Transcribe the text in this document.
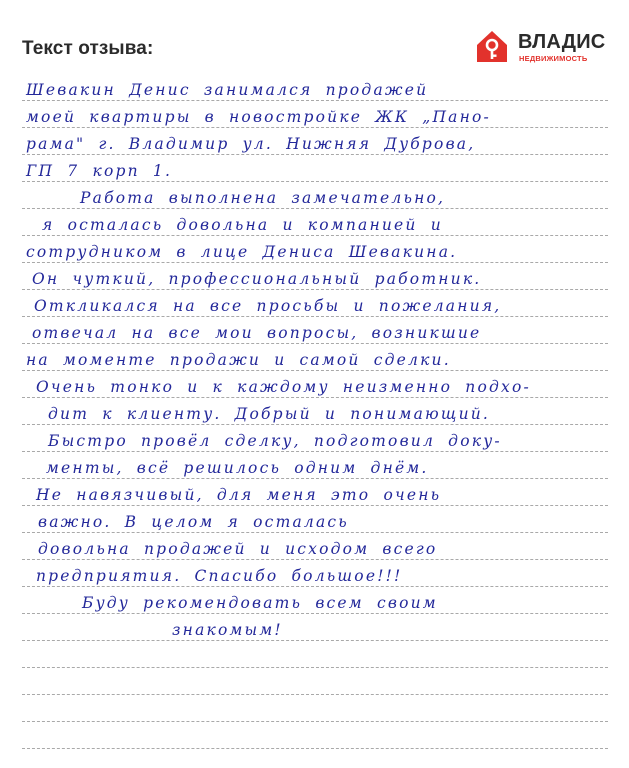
Текст отзыва:	ВЛАДИС
НЕДВИЖИМОСТЬ
Шевакин Денис занимался продажей
моей квартиры в новостройке ЖК „Пано-
рама" г. Владимир ул. Нижняя Дуброва,
ГП 7 корп 1.
Работа выполнена замечательно,
я осталась довольна и компанией и
сотрудником в лице Дениса Шевакина.
Он чуткий, профессиональный работник.
Откликался на все просьбы и пожелания,
отвечал на все мои вопросы, возникшие
на моменте продажи и самой сделки.
Очень тонко и к каждому неизменно подхо-
дит к клиенту. Добрый и понимающий.
Быстро провёл сделку, подготовил доку-
менты, всё решилось одним днём.
Не навязчивый, для меня это очень
важно. В целом я осталась
довольна продажей и исходом всего
предприятия. Спасибо большое!!!
Буду рекомендовать всем своим
знакомым!
